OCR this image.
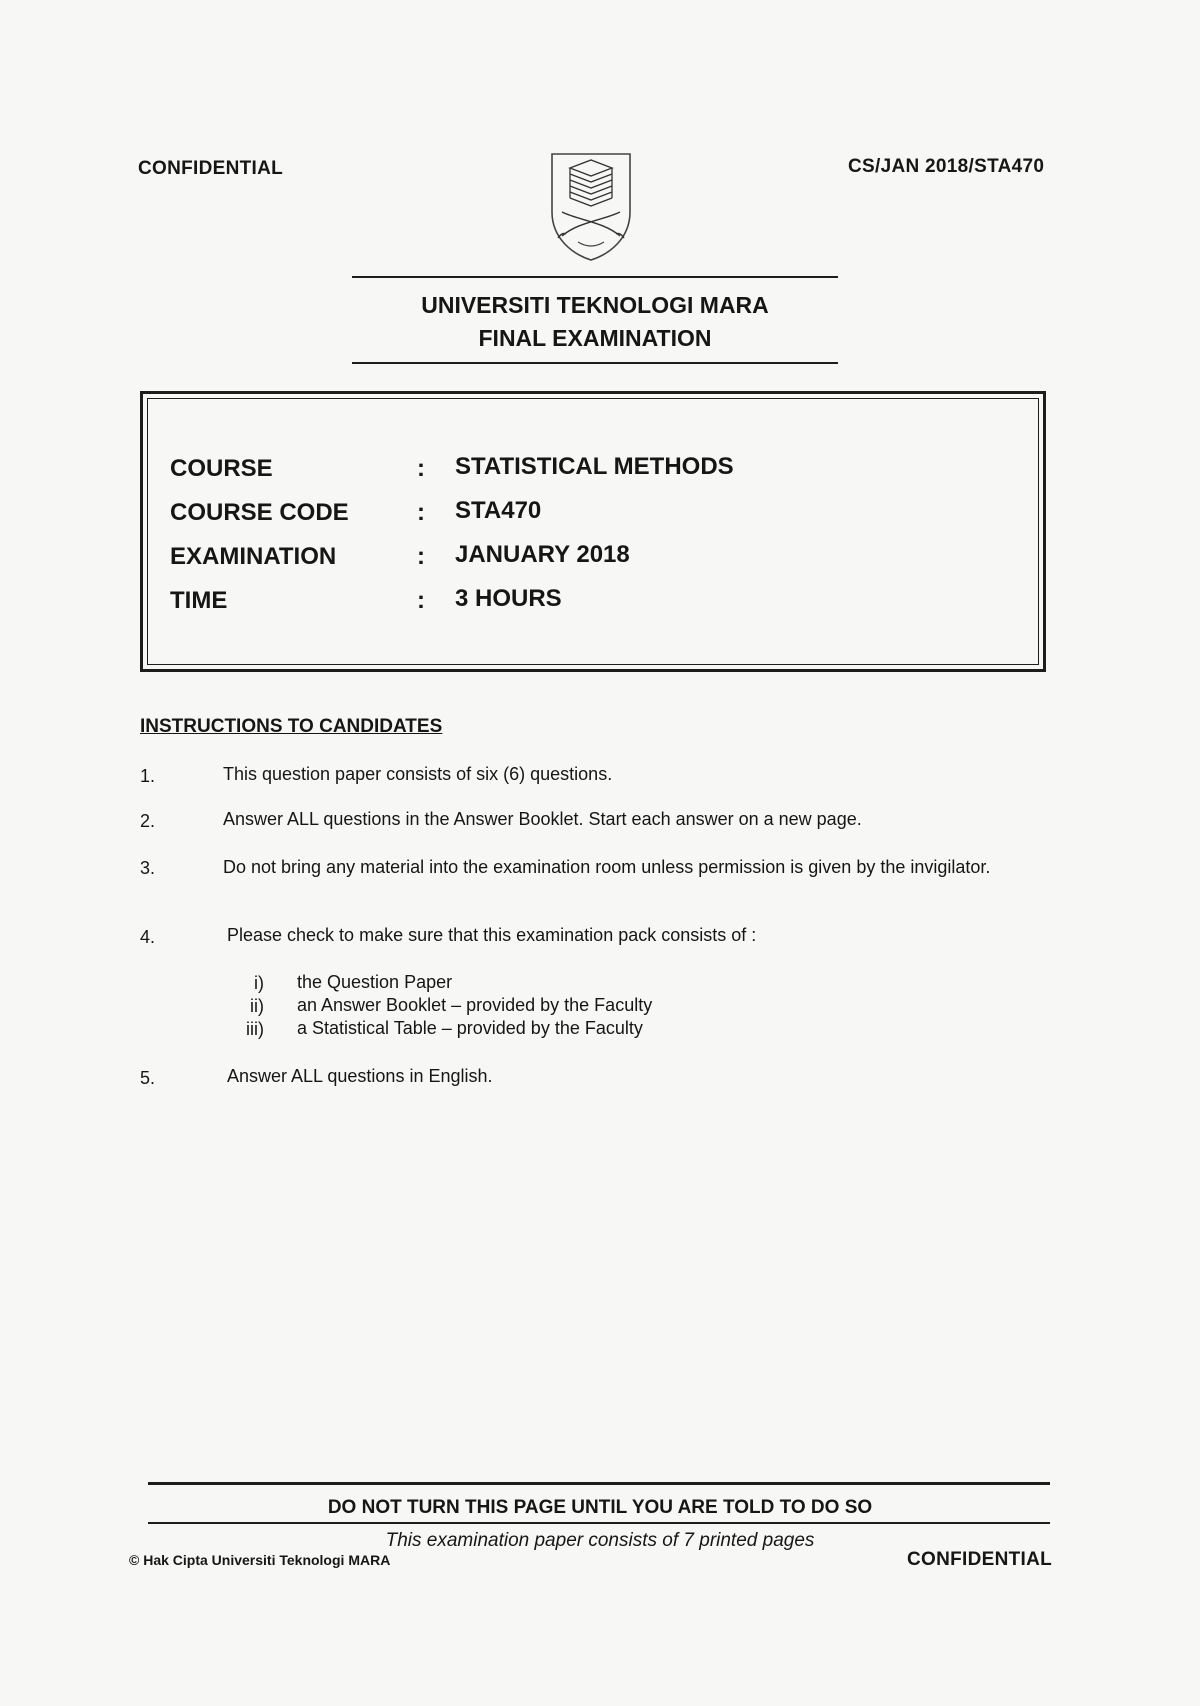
CONFIDENTIAL	CS/JAN 2018/STA470
UNIVERSITI TEKNOLOGI MARA
FINAL EXAMINATION
COURSE	: STATISTICAL METHODS
COURSE CODE	: STA470
EXAMINATION	: JANUARY 2018
TIME	: 3 HOURS
INSTRUCTIONS TO CANDIDATES
1.	This question paper consists of six (6) questions.
2.	Answer ALL questions in the Answer Booklet. Start each answer on a new page.
3.	Do not bring any material into the examination room unless permission is given by the invigilator.
4.	Please check to make sure that this examination pack consists of :
i) the Question Paper
ii) an Answer Booklet – provided by the Faculty
iii) a Statistical Table – provided by the Faculty
5.	Answer ALL questions in English.
DO NOT TURN THIS PAGE UNTIL YOU ARE TOLD TO DO SO
This examination paper consists of 7 printed pages
© Hak Cipta Universiti Teknologi MARA	CONFIDENTIAL
